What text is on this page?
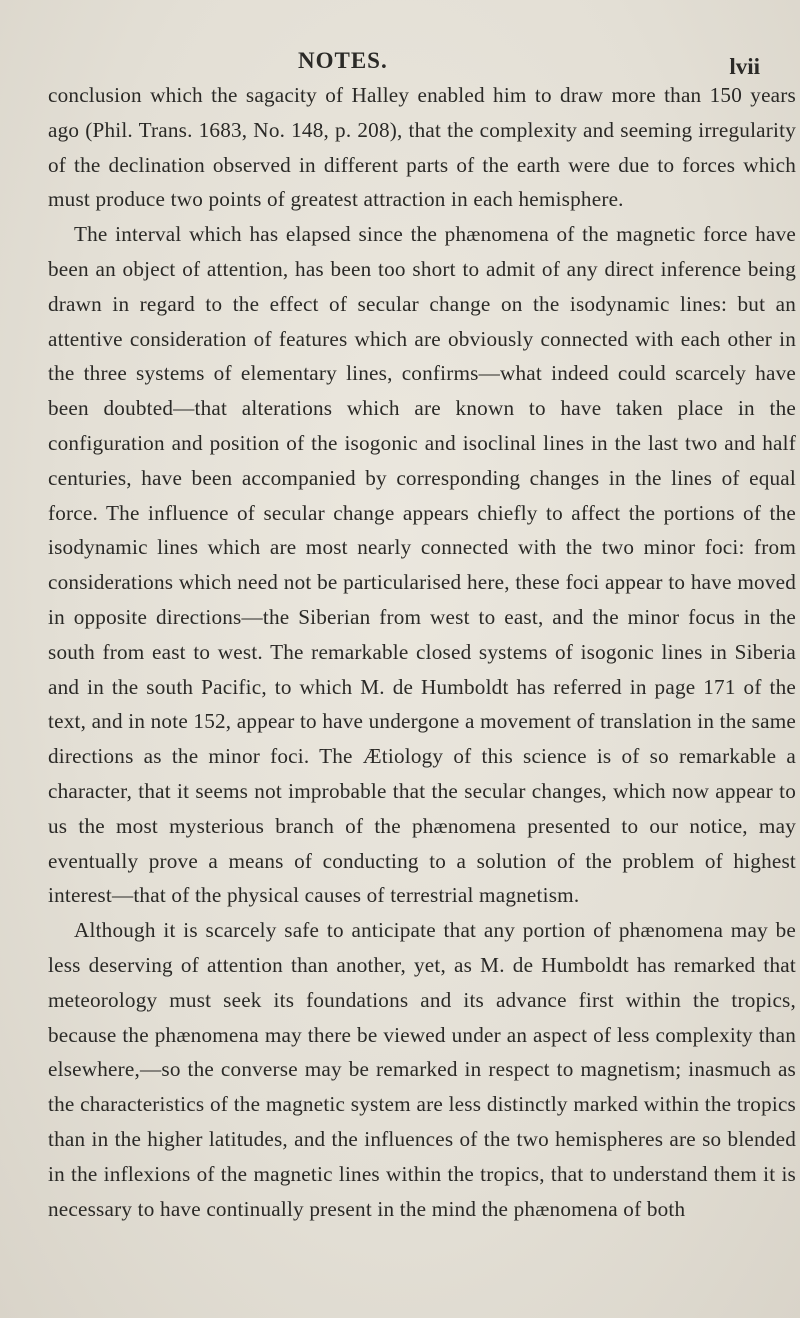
NOTES.	lvii

conclusion which the sagacity of Halley enabled him to draw more than 150 years ago (Phil. Trans. 1683, No. 148, p. 208), that the complexity and seeming irregularity of the declination observed in different parts of the earth were due to forces which must produce two points of greatest attraction in each hemisphere.

The interval which has elapsed since the phænomena of the magnetic force have been an object of attention, has been too short to admit of any direct inference being drawn in regard to the effect of secular change on the isodynamic lines: but an attentive consideration of features which are obviously connected with each other in the three systems of elementary lines, confirms—what indeed could scarcely have been doubted—that alterations which are known to have taken place in the configuration and position of the isogonic and isoclinal lines in the last two and half centuries, have been accompanied by corresponding changes in the lines of equal force. The influence of secular change appears chiefly to affect the portions of the isodynamic lines which are most nearly connected with the two minor foci: from considerations which need not be particularised here, these foci appear to have moved in opposite directions—the Siberian from west to east, and the minor focus in the south from east to west. The remarkable closed systems of isogonic lines in Siberia and in the south Pacific, to which M. de Humboldt has referred in page 171 of the text, and in note 152, appear to have undergone a movement of translation in the same directions as the minor foci. The Ætiology of this science is of so remarkable a character, that it seems not improbable that the secular changes, which now appear to us the most mysterious branch of the phænomena presented to our notice, may eventually prove a means of conducting to a solution of the problem of highest interest—that of the physical causes of terrestrial magnetism.

Although it is scarcely safe to anticipate that any portion of phænomena may be less deserving of attention than another, yet, as M. de Humboldt has remarked that meteorology must seek its foundations and its advance first within the tropics, because the phænomena may there be viewed under an aspect of less complexity than elsewhere,—so the converse may be remarked in respect to magnetism; inasmuch as the characteristics of the magnetic system are less distinctly marked within the tropics than in the higher latitudes, and the influences of the two hemispheres are so blended in the inflexions of the magnetic lines within the tropics, that to understand them it is necessary to have continually present in the mind the phænomena of both
